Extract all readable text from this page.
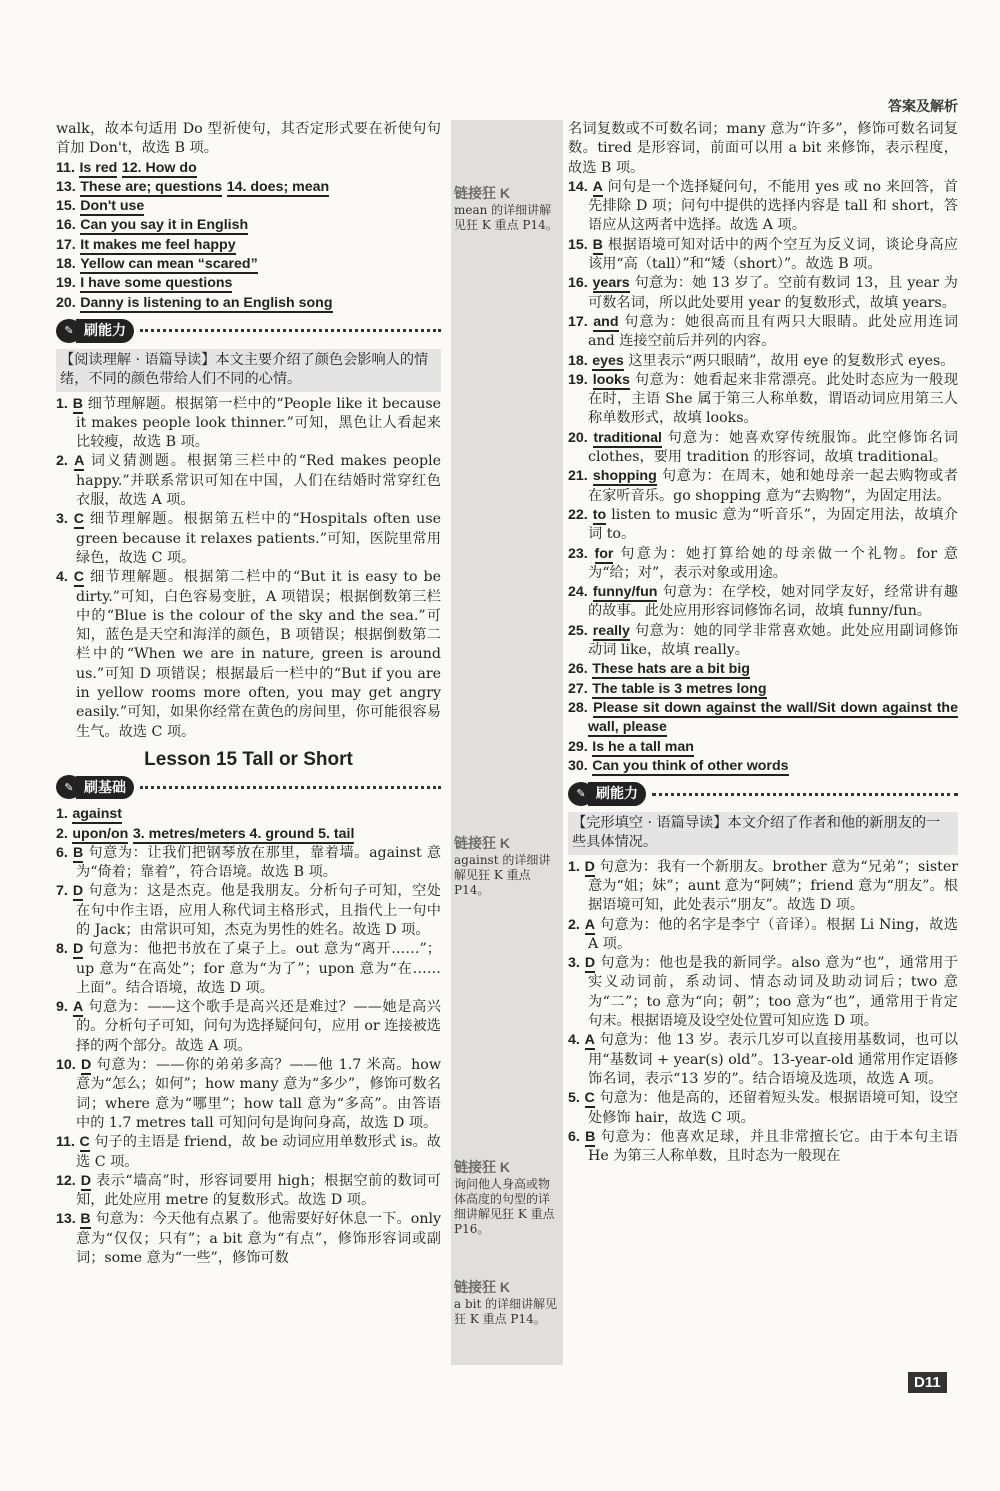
答案及解析
链接狂 K
mean 的详细讲解见狂 K 重点 P14。
链接狂 K
against 的详细讲解见狂 K 重点 P14。
链接狂 K
询问他人身高或物体高度的句型的详细讲解见狂 K 重点 P16。
链接狂 K
a bit 的详细讲解见狂 K 重点 P14。
walk，故本句适用 Do 型祈使句，其否定形式要在祈使句句首加 Don't，故选 B 项。
11. Is red 12. How do
13. These are; questions 14. does; mean
15. Don't use
16. Can you say it in English
17. It makes me feel happy
18. Yellow can mean “scared”
19. I have some questions
20. Danny is listening to an English song
✎ 刷能力
【阅读理解 · 语篇导读】本文主要介绍了颜色会影响人的情绪，不同的颜色带给人们不同的心情。
1. B 细节理解题。根据第一栏中的“People like it because it makes people look thinner.”可知，黑色让人看起来比较瘦，故选 B 项。
2. A 词义猜测题。根据第三栏中的“Red makes people happy.”并联系常识可知在中国，人们在结婚时常穿红色衣服，故选 A 项。
3. C 细节理解题。根据第五栏中的“Hospitals often use green because it relaxes patients.”可知，医院里常用绿色，故选 C 项。
4. C 细节理解题。根据第二栏中的“But it is easy to be dirty.”可知，白色容易变脏，A 项错误；根据倒数第三栏中的“Blue is the colour of the sky and the sea.”可知，蓝色是天空和海洋的颜色，B 项错误；根据倒数第二栏中的“When we are in nature, green is around us.”可知 D 项错误；根据最后一栏中的“But if you are in yellow rooms more often, you may get angry easily.”可知，如果你经常在黄色的房间里，你可能很容易生气。故选 C 项。
Lesson 15 Tall or Short
✎ 刷基础
1. against
2. upon/on 3. metres/meters 4. ground 5. tail
6. B 句意为：让我们把钢琴放在那里，靠着墙。against 意为“倚着；靠着”，符合语境。故选 B 项。
7. D 句意为：这是杰克。他是我朋友。分析句子可知，空处在句中作主语，应用人称代词主格形式，且指代上一句中的 Jack；由常识可知，杰克为男性的姓名。故选 D 项。
8. D 句意为：他把书放在了桌子上。out 意为“离开……”；up 意为“在高处”；for 意为“为了”；upon 意为“在……上面”。结合语境，故选 D 项。
9. A 句意为：——这个歌手是高兴还是难过？——她是高兴的。分析句子可知，问句为选择疑问句，应用 or 连接被选择的两个部分。故选 A 项。
10. D 句意为：——你的弟弟多高？——他 1.7 米高。how 意为“怎么；如何”；how many 意为“多少”，修饰可数名词；where 意为“哪里”；how tall 意为“多高”。由答语中的 1.7 metres tall 可知问句是询问身高，故选 D 项。
11. C 句子的主语是 friend，故 be 动词应用单数形式 is。故选 C 项。
12. D 表示“墙高”时，形容词要用 high；根据空前的数词可知，此处应用 metre 的复数形式。故选 D 项。
13. B 句意为：今天他有点累了。他需要好好休息一下。only 意为“仅仅；只有”；a bit 意为“有点”，修饰形容词或副词；some 意为“一些”，修饰可数
名词复数或不可数名词；many 意为“许多”，修饰可数名词复数。tired 是形容词，前面可以用 a bit 来修饰，表示程度，故选 B 项。
14. A 问句是一个选择疑问句，不能用 yes 或 no 来回答，首先排除 D 项；问句中提供的选择内容是 tall 和 short，答语应从这两者中选择。故选 A 项。
15. B 根据语境可知对话中的两个空互为反义词，谈论身高应该用“高（tall）”和“矮（short）”。故选 B 项。
16. years 句意为：她 13 岁了。空前有数词 13，且 year 为可数名词，所以此处要用 year 的复数形式，故填 years。
17. and 句意为：她很高而且有两只大眼睛。此处应用连词 and 连接空前后并列的内容。
18. eyes 这里表示“两只眼睛”，故用 eye 的复数形式 eyes。
19. looks 句意为：她看起来非常漂亮。此处时态应为一般现在时，主语 She 属于第三人称单数，谓语动词应用第三人称单数形式，故填 looks。
20. traditional 句意为：她喜欢穿传统服饰。此空修饰名词 clothes，要用 tradition 的形容词，故填 traditional。
21. shopping 句意为：在周末，她和她母亲一起去购物或者在家听音乐。go shopping 意为“去购物”，为固定用法。
22. to listen to music 意为“听音乐”，为固定用法，故填介词 to。
23. for 句意为：她打算给她的母亲做一个礼物。for 意为“给；对”，表示对象或用途。
24. funny/fun 句意为：在学校，她对同学友好，经常讲有趣的故事。此处应用形容词修饰名词，故填 funny/fun。
25. really 句意为：她的同学非常喜欢她。此处应用副词修饰动词 like，故填 really。
26. These hats are a bit big
27. The table is 3 metres long
28. Please sit down against the wall/Sit down against the wall, please
29. Is he a tall man
30. Can you think of other words
✎ 刷能力
【完形填空 · 语篇导读】本文介绍了作者和他的新朋友的一些具体情况。
1. D 句意为：我有一个新朋友。brother 意为“兄弟”；sister 意为“姐；妹”；aunt 意为“阿姨”；friend 意为“朋友”。根据语境可知，此处表示“朋友”。故选 D 项。
2. A 句意为：他的名字是李宁（音译）。根据 Li Ning，故选 A 项。
3. D 句意为：他也是我的新同学。also 意为“也”，通常用于实义动词前，系动词、情态动词及助动词后；two 意为“二”；to 意为“向；朝”；too 意为“也”，通常用于肯定句末。根据语境及设空处位置可知应选 D 项。
4. A 句意为：他 13 岁。表示几岁可以直接用基数词，也可以用“基数词 + year(s) old”。13-year-old 通常用作定语修饰名词，表示“13 岁的”。结合语境及选项，故选 A 项。
5. C 句意为：他是高的，还留着短头发。根据语境可知，设空处修饰 hair，故选 C 项。
6. B 句意为：他喜欢足球，并且非常擅长它。由于本句主语 He 为第三人称单数，且时态为一般现在
D11
